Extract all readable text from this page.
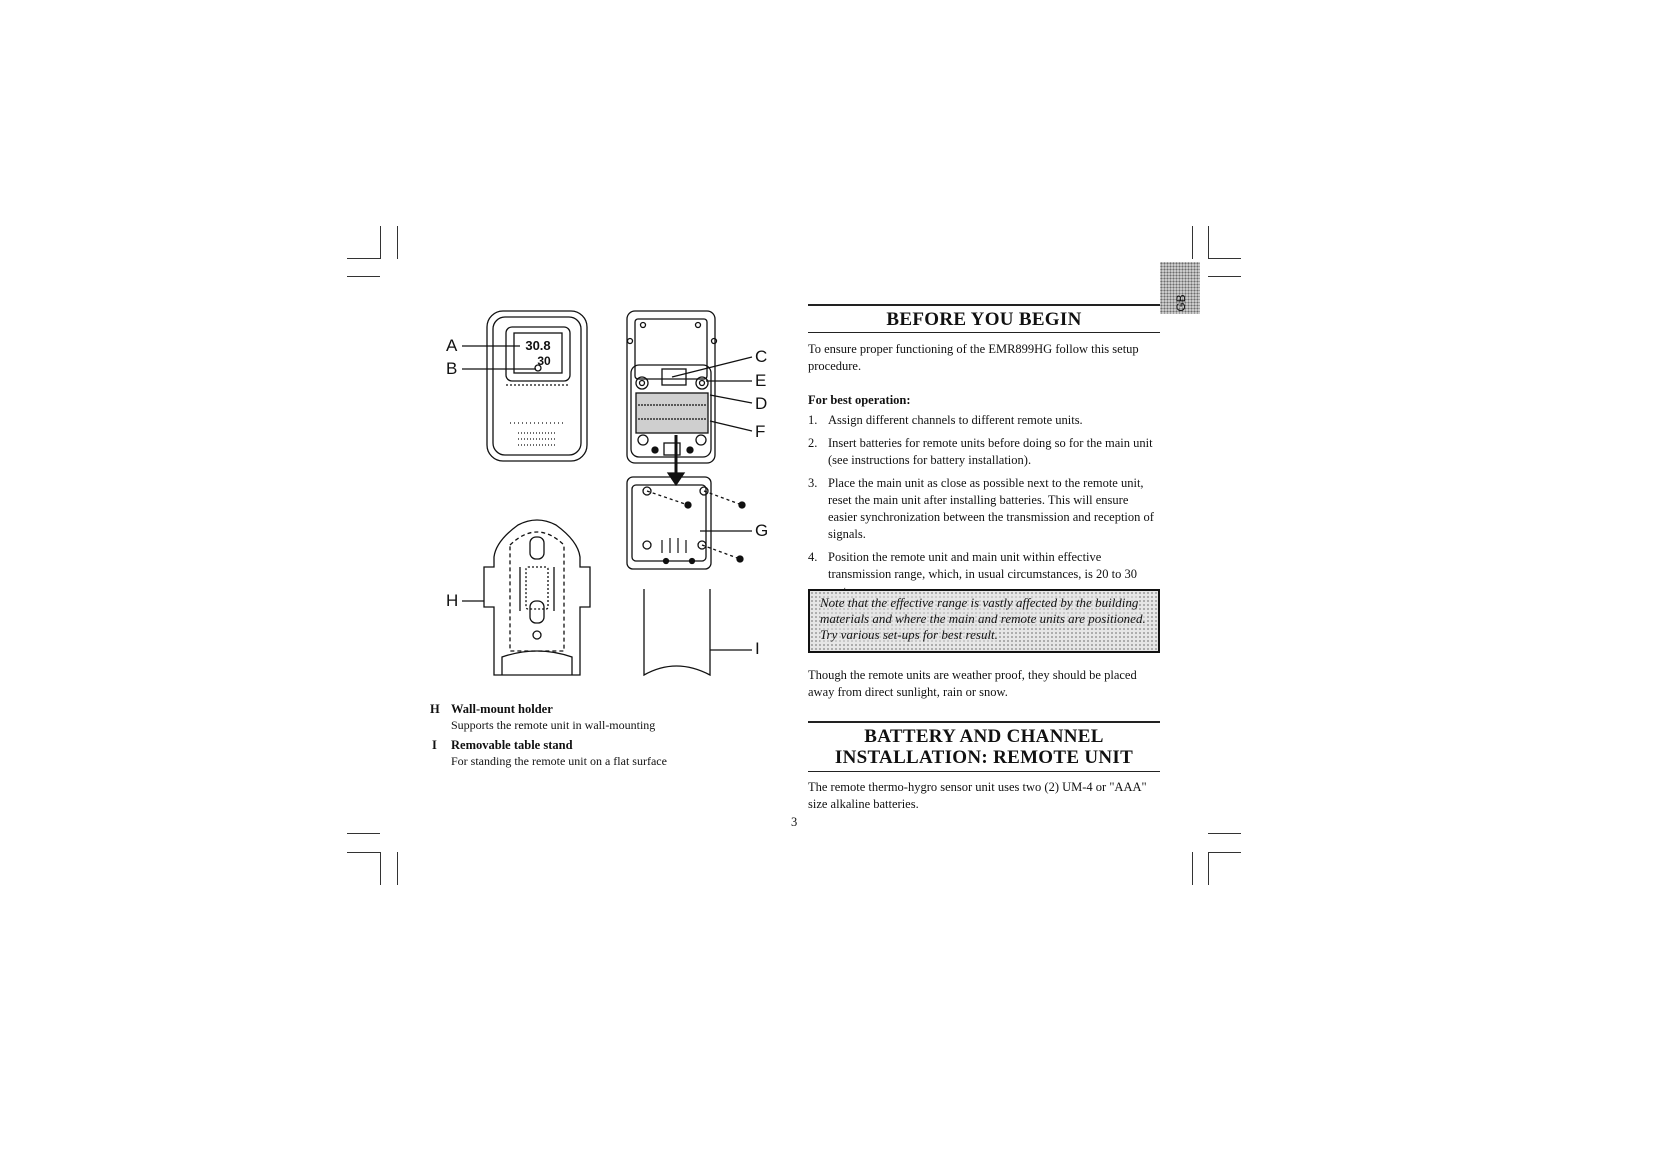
GB
30.8
30
A
B
C
E
D
F
G
H
I
H Wall-mount holder
Supports the remote unit in wall-mounting
I Removable table stand
For standing the remote unit on a flat surface
3
BEFORE YOU BEGIN
To ensure proper functioning of the EMR899HG follow this setup procedure.
For best operation:
1. Assign different channels to different remote units.
2. Insert batteries for remote units before doing so for the main unit (see instructions for battery installation).
3. Place the main unit as close as possible next to the remote unit, reset the main unit after installing batteries. This will ensure easier synchronization between the transmission and reception of signals.
4. Position the remote unit and main unit within effective transmission range, which, in usual circumstances, is 20 to 30
Note that the effective range is vastly affected by the building materials and where the main and remote units are positioned. Try various set-ups for best result.
Though the remote units are weather proof, they should be placed away from direct sunlight, rain or snow.
BATTERY AND CHANNEL
INSTALLATION: REMOTE UNIT
The remote thermo-hygro sensor unit uses two (2) UM-4 or "AAA" size alkaline batteries.
